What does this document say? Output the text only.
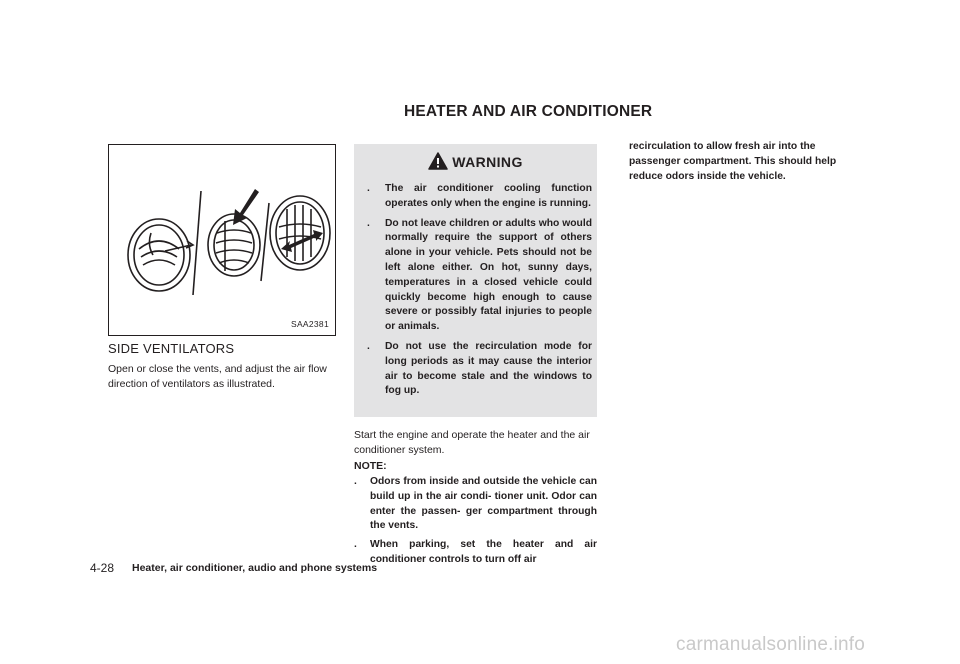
HEATER AND AIR CONDITIONER
SAA2381
SIDE VENTILATORS
Open or close the vents, and adjust the air flow direction of ventilators as illustrated.
WARNING
. The air conditioner cooling function operates only when the engine is running.
. Do not leave children or adults who would normally require the support of others alone in your vehicle. Pets should not be left alone either. On hot, sunny days, temperatures in a closed vehicle could quickly become high enough to cause severe or possibly fatal injuries to people or animals.
. Do not use the recirculation mode for long periods as it may cause the interior air to become stale and the windows to fog up.
Start the engine and operate the heater and the air conditioner system.
NOTE:
. Odors from inside and outside the vehicle can build up in the air condi- tioner unit. Odor can enter the passen- ger compartment through the vents.
. When parking, set the heater and air conditioner controls to turn off air
recirculation to allow fresh air into the passenger compartment. This should help reduce odors inside the vehicle.
4-28 Heater, air conditioner, audio and phone systems
carmanualsonline.info
